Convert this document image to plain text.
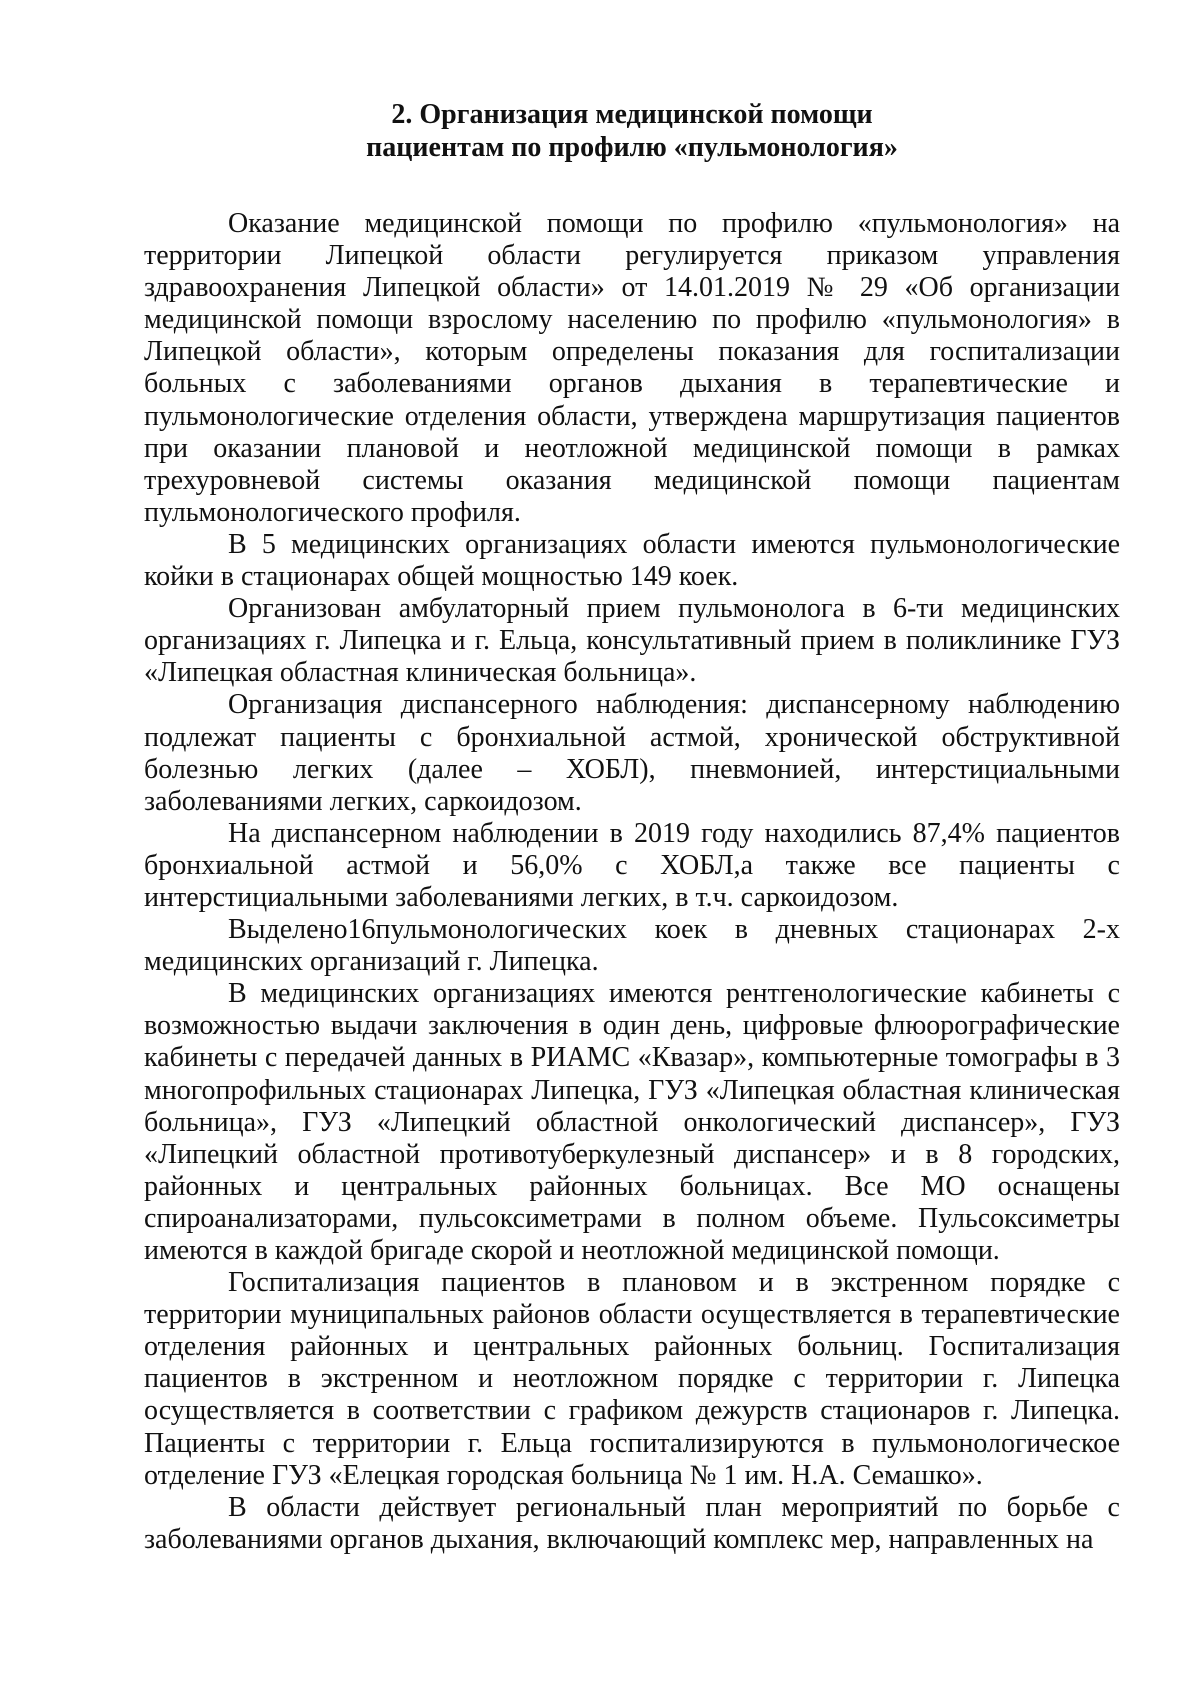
2. Организация медицинской помощи
пациентам по профилю «пульмонология»

Оказание медицинской помощи по профилю «пульмонология» на территории Липецкой области регулируется приказом управления здравоохранения Липецкой области» от 14.01.2019 № 29 «Об организации медицинской помощи взрослому населению по профилю «пульмонология» в Липецкой области», которым определены показания для госпитализации больных с заболеваниями органов дыхания в терапевтические и пульмонологические отделения области, утверждена маршрутизация пациентов при оказании плановой и неотложной медицинской помощи в рамках трехуровневой системы оказания медицинской помощи пациентам пульмонологического профиля.

В 5 медицинских организациях области имеются пульмонологические койки в стационарах общей мощностью 149 коек.

Организован амбулаторный прием пульмонолога в 6-ти медицинских организациях г. Липецка и г. Ельца, консультативный прием в поликлинике ГУЗ «Липецкая областная клиническая больница».

Организация диспансерного наблюдения: диспансерному наблюдению подлежат пациенты с бронхиальной астмой, хронической обструктивной болезнью легких (далее – ХОБЛ), пневмонией, интерстициальными заболеваниями легких, саркоидозом.

На диспансерном наблюдении в 2019 году находились 87,4% пациентов бронхиальной астмой и 56,0% с ХОБЛ,а также все пациенты с интерстициальными заболеваниями легких, в т.ч. саркоидозом.

Выделено16пульмонологических коек в дневных стационарах 2-х медицинских организаций г. Липецка.

В медицинских организациях имеются рентгенологические кабинеты с возможностью выдачи заключения в один день, цифровые флюорографические кабинеты с передачей данных в РИАМС «Квазар», компьютерные томографы в 3 многопрофильных стационарах Липецка, ГУЗ «Липецкая областная клиническая больница», ГУЗ «Липецкий областной онкологический диспансер», ГУЗ «Липецкий областной противотуберкулезный диспансер» и в 8 городских, районных и центральных районных больницах. Все МО оснащены спироанализаторами, пульсоксиметрами в полном объеме. Пульсоксиметры имеются в каждой бригаде скорой и неотложной медицинской помощи.

Госпитализация пациентов в плановом и в экстренном порядке с территории муниципальных районов области осуществляется в терапевтические отделения районных и центральных районных больниц. Госпитализация пациентов в экстренном и неотложном порядке с территории г. Липецка осуществляется в соответствии с графиком дежурств стационаров г. Липецка. Пациенты с территории г. Ельца госпитализируются в пульмонологическое отделение ГУЗ «Елецкая городская больница № 1 им. Н.А. Семашко».

В области действует региональный план мероприятий по борьбе с заболеваниями органов дыхания, включающий комплекс мер, направленных на
